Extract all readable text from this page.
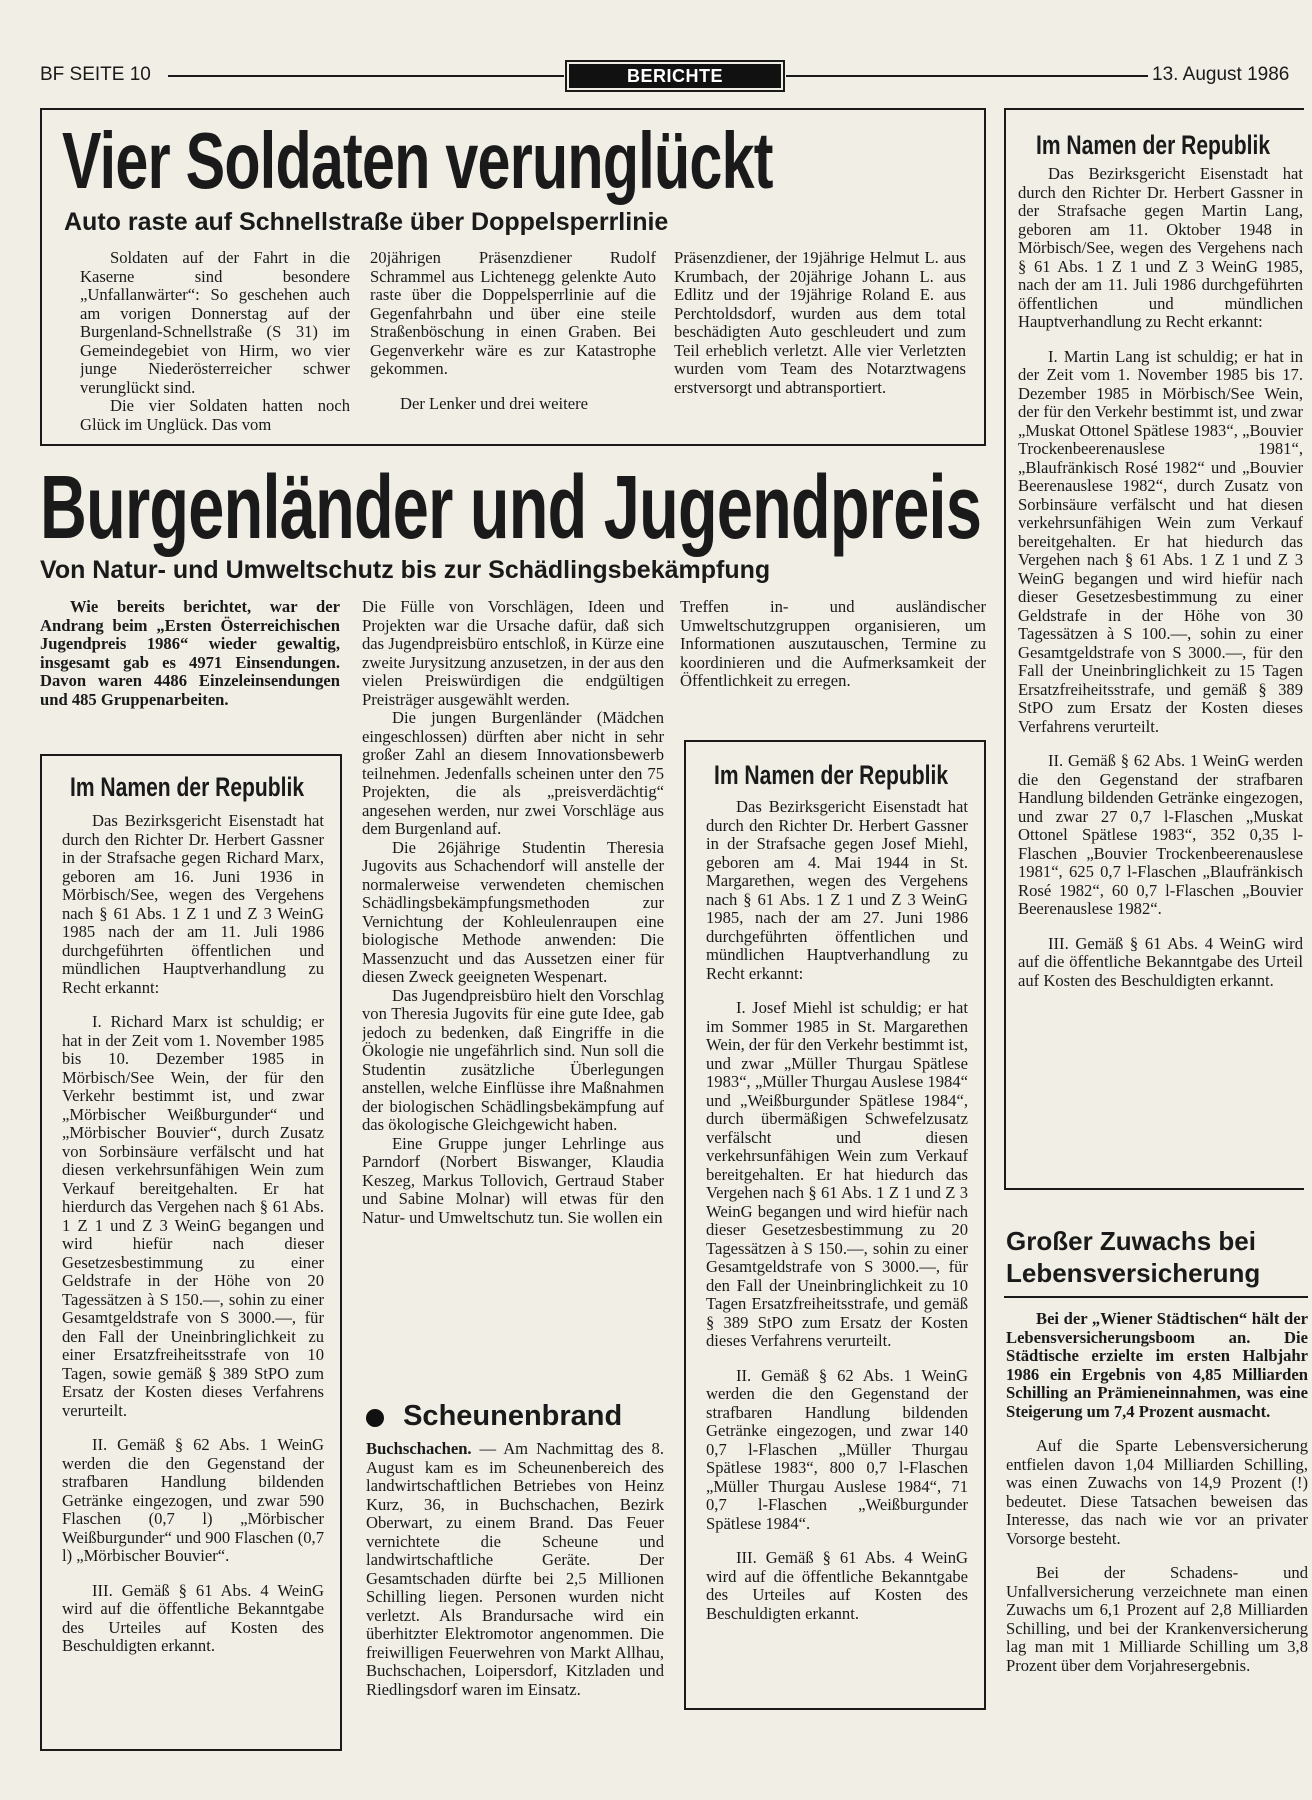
BF SEITE 10	BERICHTE	13. August 1986
Vier Soldaten verunglückt
Auto raste auf Schnellstraße über Doppelsperrlinie

Soldaten auf der Fahrt in die Kaserne sind besondere „Unfallanwärter“: So geschehen auch am vorigen Donnerstag auf der Burgenland-Schnellstraße (S 31) im Gemeindegebiet von Hirm, wo vier junge Niederösterreicher schwer verunglückt sind.

Die vier Soldaten hatten noch Glück im Unglück. Das vom

20jährigen Präsenzdiener Rudolf Schrammel aus Lichtenegg gelenkte Auto raste über die Doppelsperrlinie auf die Gegenfahrbahn und über eine steile Straßenböschung in einen Graben. Bei Gegenverkehr wäre es zur Katastrophe gekommen.

Der Lenker und drei weitere

Präsenzdiener, der 19jährige Helmut L. aus Krumbach, der 20jährige Johann L. aus Edlitz und der 19jährige Roland E. aus Perchtoldsdorf, wurden aus dem total beschädigten Auto geschleudert und zum Teil erheblich verletzt. Alle vier Verletzten wurden vom Team des Notarztwagens erstversorgt und abtransportiert.

Burgenländer und Jugendpreis
Von Natur- und Umweltschutz bis zur Schädlingsbekämpfung

Wie bereits berichtet, war der Andrang beim „Ersten Österreichischen Jugendpreis 1986“ wieder gewaltig, insgesamt gab es 4971 Einsendungen. Davon waren 4486 Einzeleinsendungen und 485 Gruppenarbeiten.

Die Fülle von Vorschlägen, Ideen und Projekten war die Ursache dafür, daß sich das Jugendpreisbüro entschloß, in Kürze eine zweite Jurysitzung anzusetzen, in der aus den vielen Preiswürdigen die endgültigen Preisträger ausgewählt werden.

Die jungen Burgenländer (Mädchen eingeschlossen) dürften aber nicht in sehr großer Zahl an diesem Innovationsbewerb teilnehmen. Jedenfalls scheinen unter den 75 Projekten, die als „preisverdächtig“ angesehen werden, nur zwei Vorschläge aus dem Burgenland auf.

Die 26jährige Studentin Theresia Jugovits aus Schachendorf will anstelle der normalerweise verwendeten chemischen Schädlingsbekämpfungsmethoden zur Vernichtung der Kohleulenraupen eine biologische Methode anwenden: Die Massenzucht und das Aussetzen einer für diesen Zweck geeigneten Wespenart.

Das Jugendpreisbüro hielt den Vorschlag von Theresia Jugovits für eine gute Idee, gab jedoch zu bedenken, daß Eingriffe in die Ökologie nie ungefährlich sind. Nun soll die Studentin zusätzliche Überlegungen anstellen, welche Einflüsse ihre Maßnahmen der biologischen Schädlingsbekämpfung auf das ökologische Gleichgewicht haben.

Eine Gruppe junger Lehrlinge aus Parndorf (Norbert Biswanger, Klaudia Keszeg, Markus Tollovich, Gertraud Staber und Sabine Molnar) will etwas für den Natur- und Umweltschutz tun. Sie wollen ein

Treffen in- und ausländischer Umweltschutzgruppen organisieren, um Informationen auszutauschen, Termine zu koordinieren und die Aufmerksamkeit der Öffentlichkeit zu erregen.

Im Namen der Republik

Das Bezirksgericht Eisenstadt hat durch den Richter Dr. Herbert Gassner in der Strafsache gegen Richard Marx, geboren am 16. Juni 1936 in Mörbisch/See, wegen des Vergehens nach § 61 Abs. 1 Z 1 und Z 3 WeinG 1985 nach der am 11. Juli 1986 durchgeführten öffentlichen und mündlichen Hauptverhandlung zu Recht erkannt:

I. Richard Marx ist schuldig; er hat in der Zeit vom 1. November 1985 bis 10. Dezember 1985 in Mörbisch/See Wein, der für den Verkehr bestimmt ist, und zwar „Mörbischer Weißburgunder“ und „Mörbischer Bouvier“, durch Zusatz von Sorbinsäure verfälscht und hat diesen verkehrsunfähigen Wein zum Verkauf bereitgehalten. Er hat hierdurch das Vergehen nach § 61 Abs. 1 Z 1 und Z 3 WeinG begangen und wird hiefür nach dieser Gesetzesbestimmung zu einer Geldstrafe in der Höhe von 20 Tagessätzen à S 150.—, sohin zu einer Gesamtgeldstrafe von S 3000.—, für den Fall der Uneinbringlichkeit zu einer Ersatzfreiheitsstrafe von 10 Tagen, sowie gemäß § 389 StPO zum Ersatz der Kosten dieses Verfahrens verurteilt.

II. Gemäß § 62 Abs. 1 WeinG werden die den Gegenstand der strafbaren Handlung bildenden Getränke eingezogen, und zwar 590 Flaschen (0,7 l) „Mörbischer Weißburgunder“ und 900 Flaschen (0,7 l) „Mörbischer Bouvier“.

III. Gemäß § 61 Abs. 4 WeinG wird auf die öffentliche Bekanntgabe des Urteiles auf Kosten des Beschuldigten erkannt.

Scheunenbrand

Buchschachen. — Am Nachmittag des 8. August kam es im Scheunenbereich des landwirtschaftlichen Betriebes von Heinz Kurz, 36, in Buchschachen, Bezirk Oberwart, zu einem Brand. Das Feuer vernichtete die Scheune und landwirtschaftliche Geräte. Der Gesamtschaden dürfte bei 2,5 Millionen Schilling liegen. Personen wurden nicht verletzt. Als Brandursache wird ein überhitzter Elektromotor angenommen. Die freiwilligen Feuerwehren von Markt Allhau, Buchschachen, Loipersdorf, Kitzladen und Riedlingsdorf waren im Einsatz.

Im Namen der Republik

Das Bezirksgericht Eisenstadt hat durch den Richter Dr. Herbert Gassner in der Strafsache gegen Josef Miehl, geboren am 4. Mai 1944 in St. Margarethen, wegen des Vergehens nach § 61 Abs. 1 Z 1 und Z 3 WeinG 1985, nach der am 27. Juni 1986 durchgeführten öffentlichen und mündlichen Hauptverhandlung zu Recht erkannt:

I. Josef Miehl ist schuldig; er hat im Sommer 1985 in St. Margarethen Wein, der für den Verkehr bestimmt ist, und zwar „Müller Thurgau Spätlese 1983“, „Müller Thurgau Auslese 1984“ und „Weißburgunder Spätlese 1984“, durch übermäßigen Schwefelzusatz verfälscht und diesen verkehrsunfähigen Wein zum Verkauf bereitgehalten. Er hat hiedurch das Vergehen nach § 61 Abs. 1 Z 1 und Z 3 WeinG begangen und wird hiefür nach dieser Gesetzesbestimmung zu 20 Tagessätzen à S 150.—, sohin zu einer Gesamtgeldstrafe von S 3000.—, für den Fall der Uneinbringlichkeit zu 10 Tagen Ersatzfreiheitsstrafe, und gemäß § 389 StPO zum Ersatz der Kosten dieses Verfahrens verurteilt.

II. Gemäß § 62 Abs. 1 WeinG werden die den Gegenstand der strafbaren Handlung bildenden Getränke eingezogen, und zwar 140 0,7 l-Flaschen „Müller Thurgau Spätlese 1983“, 800 0,7 l-Flaschen „Müller Thurgau Auslese 1984“, 71 0,7 l-Flaschen „Weißburgunder Spätlese 1984“.

III. Gemäß § 61 Abs. 4 WeinG wird auf die öffentliche Bekanntgabe des Urteiles auf Kosten des Beschuldigten erkannt.

Im Namen der Republik

Das Bezirksgericht Eisenstadt hat durch den Richter Dr. Herbert Gassner in der Strafsache gegen Martin Lang, geboren am 11. Oktober 1948 in Mörbisch/See, wegen des Vergehens nach § 61 Abs. 1 Z 1 und Z 3 WeinG 1985, nach der am 11. Juli 1986 durchgeführten öffentlichen und mündlichen Hauptverhandlung zu Recht erkannt:

I. Martin Lang ist schuldig; er hat in der Zeit vom 1. November 1985 bis 17. Dezember 1985 in Mörbisch/See Wein, der für den Verkehr bestimmt ist, und zwar „Muskat Ottonel Spätlese 1983“, „Bouvier Trockenbeerenauslese 1981“, „Blaufränkisch Rosé 1982“ und „Bouvier Beerenauslese 1982“, durch Zusatz von Sorbinsäure verfälscht und hat diesen verkehrsunfähigen Wein zum Verkauf bereitgehalten. Er hat hiedurch das Vergehen nach § 61 Abs. 1 Z 1 und Z 3 WeinG begangen und wird hiefür nach dieser Gesetzesbestimmung zu einer Geldstrafe in der Höhe von 30 Tagessätzen à S 100.—, sohin zu einer Gesamtgeldstrafe von S 3000.—, für den Fall der Uneinbringlichkeit zu 15 Tagen Ersatzfreiheitsstrafe, und gemäß § 389 StPO zum Ersatz der Kosten dieses Verfahrens verurteilt.

II. Gemäß § 62 Abs. 1 WeinG werden die den Gegenstand der strafbaren Handlung bildenden Getränke eingezogen, und zwar 27 0,7 l-Flaschen „Muskat Ottonel Spätlese 1983“, 352 0,35 l-Flaschen „Bouvier Trockenbeerenauslese 1981“, 625 0,7 l-Flaschen „Blaufränkisch Rosé 1982“, 60 0,7 l-Flaschen „Bouvier Beerenauslese 1982“.

III. Gemäß § 61 Abs. 4 WeinG wird auf die öffentliche Bekanntgabe des Urteil auf Kosten des Beschuldigten erkannt.

Großer Zuwachs bei Lebensversicherung

Bei der „Wiener Städtischen“ hält der Lebensversicherungsboom an. Die Städtische erzielte im ersten Halbjahr 1986 ein Ergebnis von 4,85 Milliarden Schilling an Prämieneinnahmen, was eine Steigerung um 7,4 Prozent ausmacht.

Auf die Sparte Lebensversicherung entfielen davon 1,04 Milliarden Schilling, was einen Zuwachs von 14,9 Prozent (!) bedeutet. Diese Tatsachen beweisen das Interesse, das nach wie vor an privater Vorsorge besteht.

Bei der Schadens- und Unfallversicherung verzeichnete man einen Zuwachs um 6,1 Prozent auf 2,8 Milliarden Schilling, und bei der Krankenversicherung lag man mit 1 Milliarde Schilling um 3,8 Prozent über dem Vorjahresergebnis.
